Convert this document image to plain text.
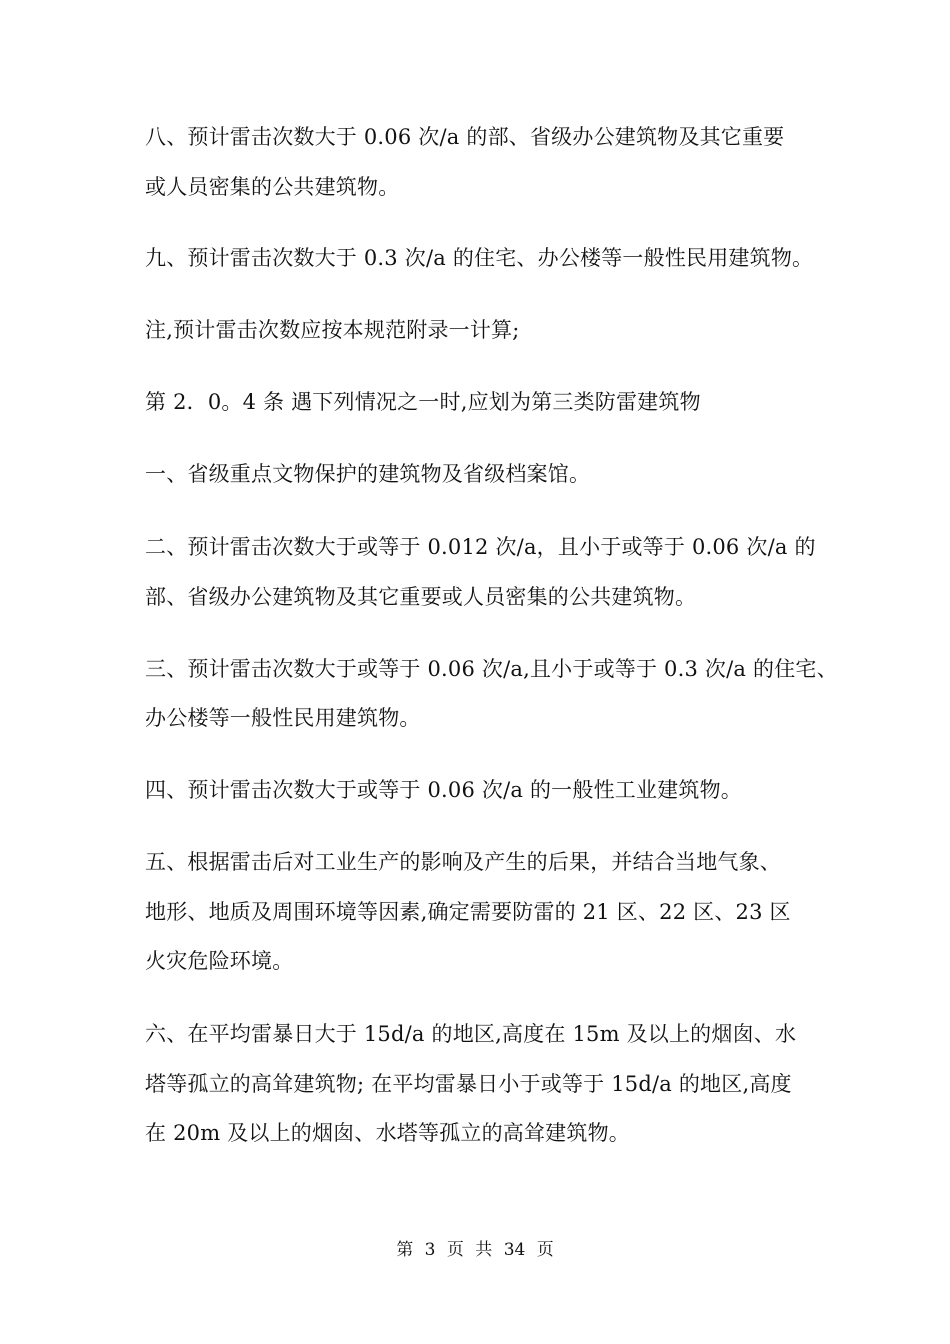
八、预计雷击次数大于 0.06 次/a 的部、省级办公建筑物及其它重要
或人员密集的公共建筑物。
九、预计雷击次数大于 0.3 次/a 的住宅、办公楼等一般性民用建筑物。
注,预计雷击次数应按本规范附录一计算;
第 2．0。4 条 遇下列情况之一时,应划为第三类防雷建筑物
一、省级重点文物保护的建筑物及省级档案馆。
二、预计雷击次数大于或等于 0.012 次/a，且小于或等于 0.06 次/a 的
部、省级办公建筑物及其它重要或人员密集的公共建筑物。
三、预计雷击次数大于或等于 0.06 次/a,且小于或等于 0.3 次/a 的住宅、
办公楼等一般性民用建筑物。
四、预计雷击次数大于或等于 0.06 次/a 的一般性工业建筑物。
五、根据雷击后对工业生产的影响及产生的后果，并结合当地气象、
地形、地质及周围环境等因素,确定需要防雷的 21 区、22 区、23 区
火灾危险环境。
六、在平均雷暴日大于 15d/a 的地区,高度在 15m 及以上的烟囱、水
塔等孤立的高耸建筑物; 在平均雷暴日小于或等于 15d/a 的地区,高度
在 20m 及以上的烟囱、水塔等孤立的高耸建筑物。
第 3 页 共 34 页
